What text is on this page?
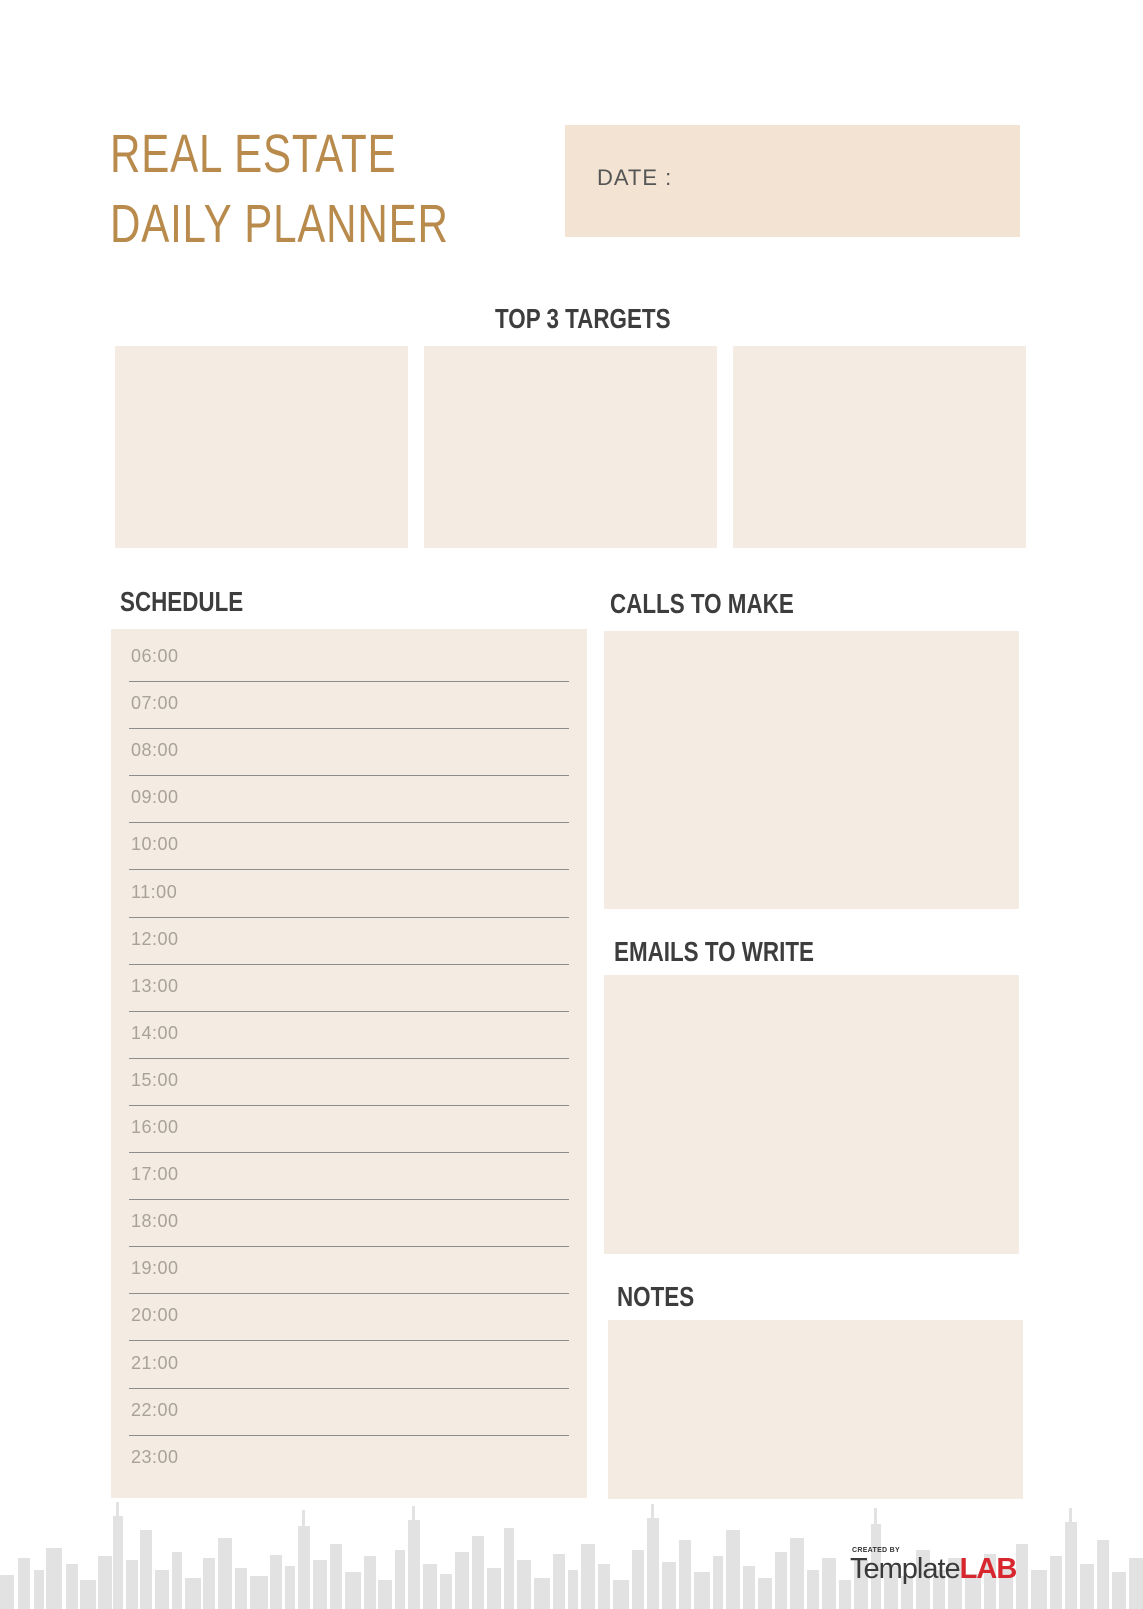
REAL ESTATE
DAILY PLANNER
DATE :
TOP 3 TARGETS
SCHEDULE
06:00
07:00
08:00
09:00
10:00
11:00
12:00
13:00
14:00
15:00
16:00
17:00
18:00
19:00
20:00
21:00
22:00
23:00
CALLS TO MAKE
EMAILS TO WRITE
NOTES
CREATED BY
TemplateLAB
